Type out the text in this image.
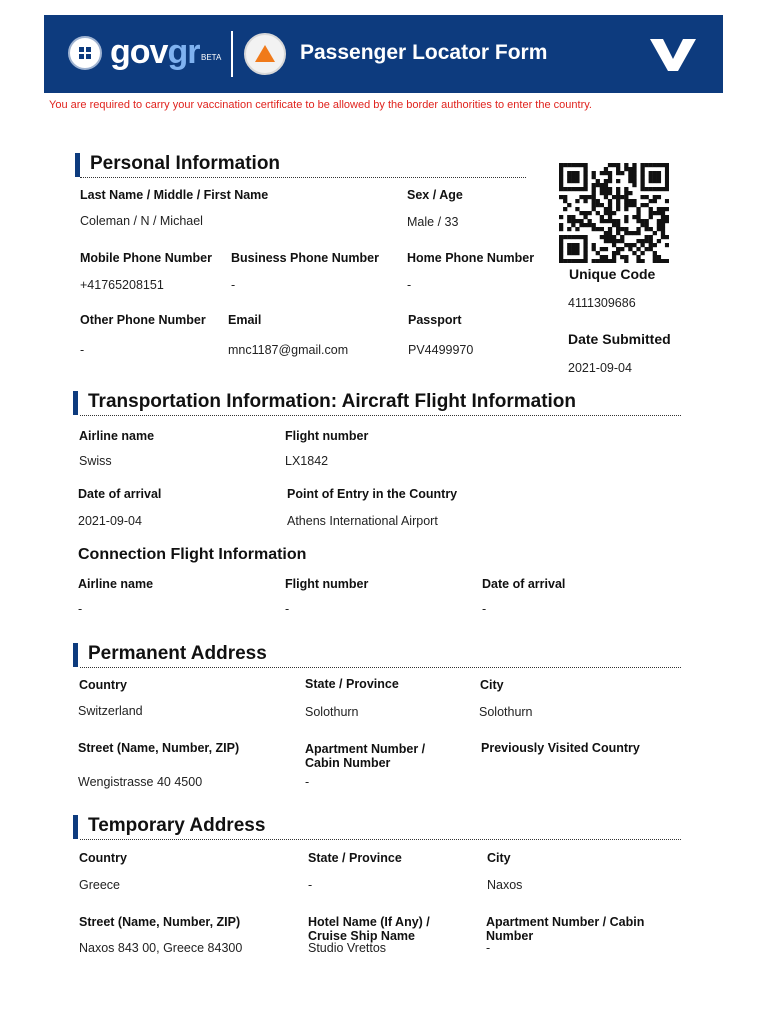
govgr BETA	Passenger Locator Form
You are required to carry your vaccination certificate to be allowed by the border authorities to enter the country.
Personal Information
Last Name / Middle / First Name
Coleman / N / Michael
Sex / Age
Male / 33
Mobile Phone Number
+41765208151
Business Phone Number
-
Home Phone Number
-
Other Phone Number
-
Email
mnc1187@gmail.com
Passport
PV4499970
Unique Code
4111309686
Date Submitted
2021-09-04
Transportation Information: Aircraft Flight Information
Airline name
Swiss
Flight number
LX1842
Date of arrival
2021-09-04
Point of Entry in the Country
Athens International Airport
Connection Flight Information
Airline name
-
Flight number
-
Date of arrival
-
Permanent Address
Country
Switzerland
State / Province
Solothurn
City
Solothurn
Street (Name, Number, ZIP)
Wengistrasse 40 4500
Apartment Number / Cabin Number
-
Previously Visited Country
Temporary Address
Country
Greece
State / Province
-
City
Naxos
Street (Name, Number, ZIP)
Naxos 843 00, Greece 84300
Hotel Name (If Any) / Cruise Ship Name
Studio Vrettos
Apartment Number / Cabin Number
-
